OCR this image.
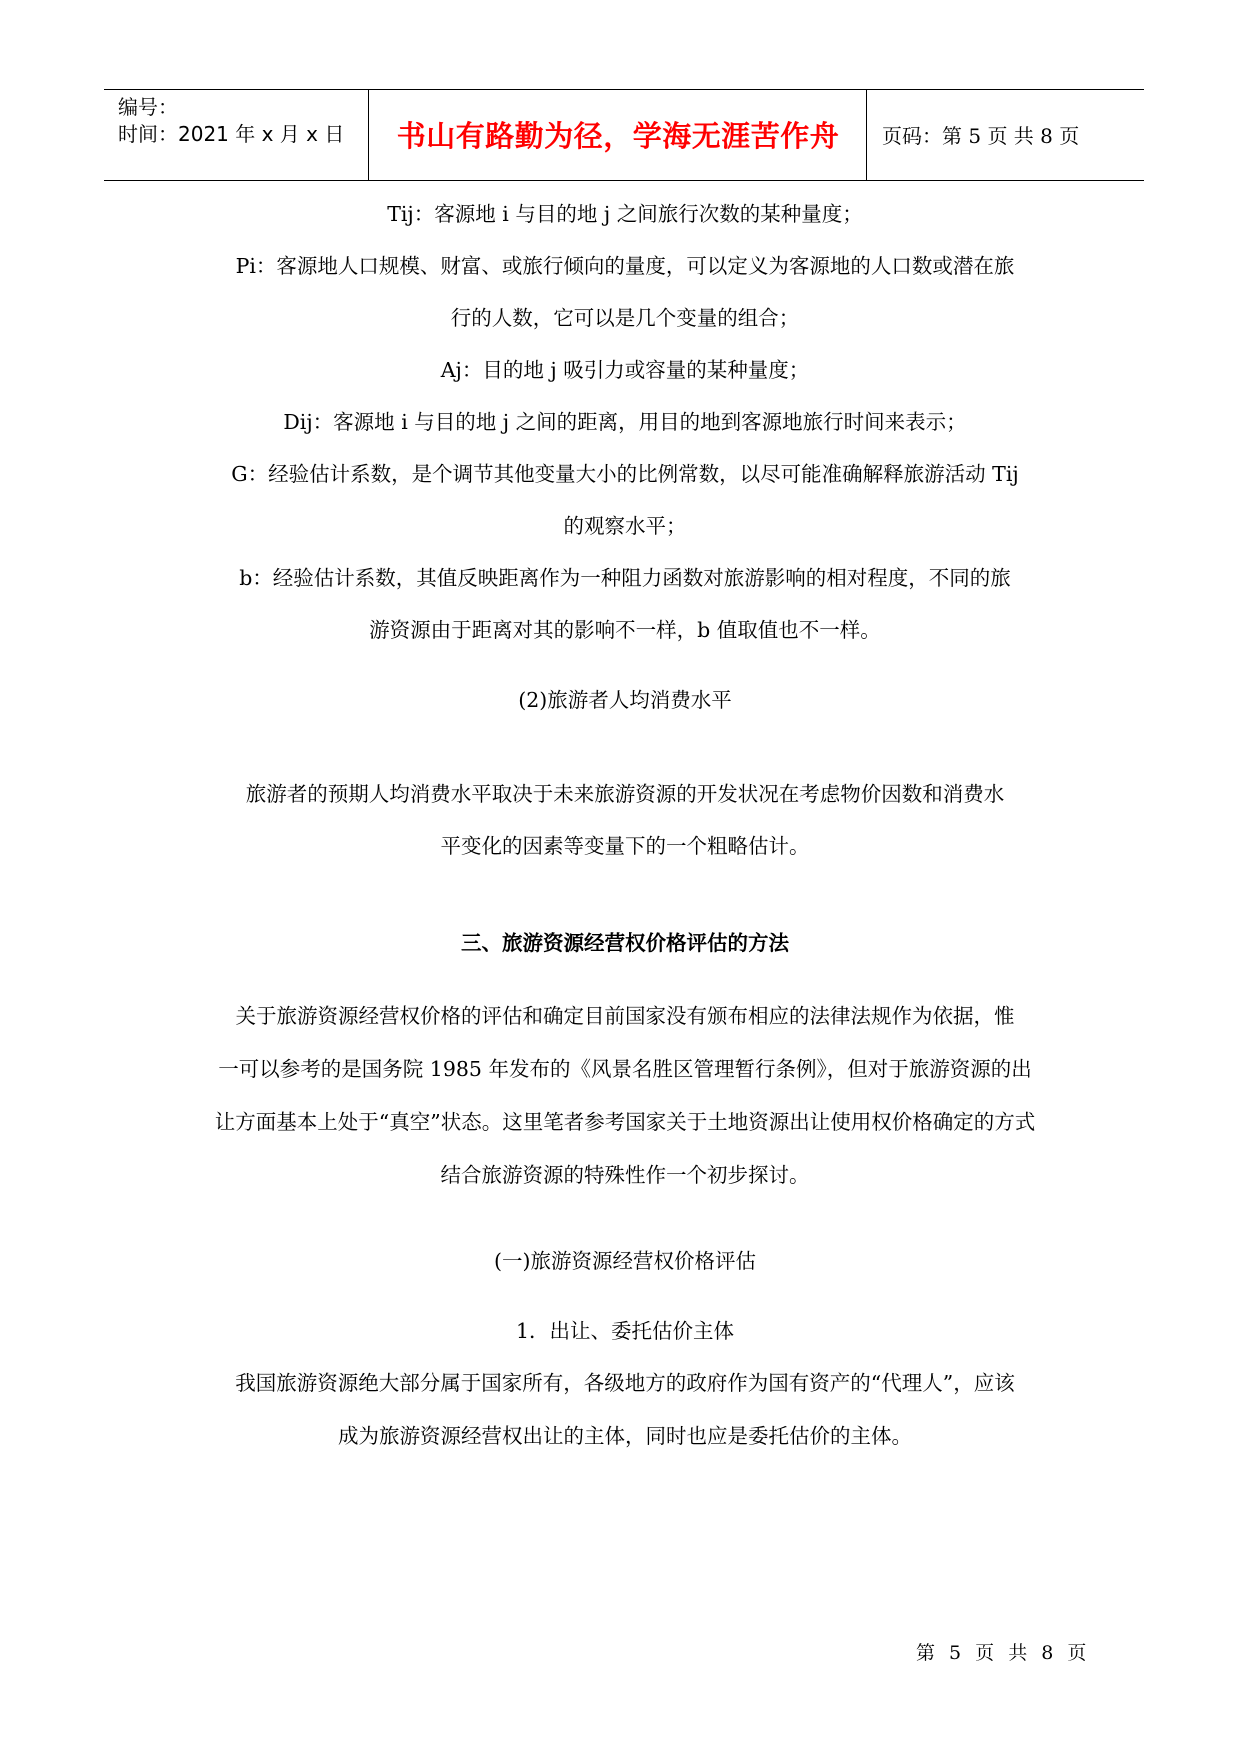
编号：
时间：2021 年 x 月 x 日	书山有路勤为径，学海无涯苦作舟	页码：第 5 页 共 8 页
Tij：客源地 i 与目的地 j 之间旅行次数的某种量度；
Pi：客源地人口规模、财富、或旅行倾向的量度，可以定义为客源地的人口数或潜在旅
行的人数，它可以是几个变量的组合；
Aj：目的地 j 吸引力或容量的某种量度；
Dij：客源地 i 与目的地 j 之间的距离，用目的地到客源地旅行时间来表示；
G：经验估计系数，是个调节其他变量大小的比例常数，以尽可能准确解释旅游活动 Tij
的观察水平；
b：经验估计系数，其值反映距离作为一种阻力函数对旅游影响的相对程度，不同的旅
游资源由于距离对其的影响不一样，b 值取值也不一样。
(2)旅游者人均消费水平
旅游者的预期人均消费水平取决于未来旅游资源的开发状况在考虑物价因数和消费水
平变化的因素等变量下的一个粗略估计。
三、旅游资源经营权价格评估的方法
关于旅游资源经营权价格的评估和确定目前国家没有颁布相应的法律法规作为依据，惟
一可以参考的是国务院 1985 年发布的《风景名胜区管理暂行条例》，但对于旅游资源的出
让方面基本上处于“真空”状态。这里笔者参考国家关于土地资源出让使用权价格确定的方式
结合旅游资源的特殊性作一个初步探讨。
(一)旅游资源经营权价格评估
1．出让、委托估价主体
我国旅游资源绝大部分属于国家所有，各级地方的政府作为国有资产的“代理人”，应该
成为旅游资源经营权出让的主体，同时也应是委托估价的主体。
第 5 页 共 8 页
